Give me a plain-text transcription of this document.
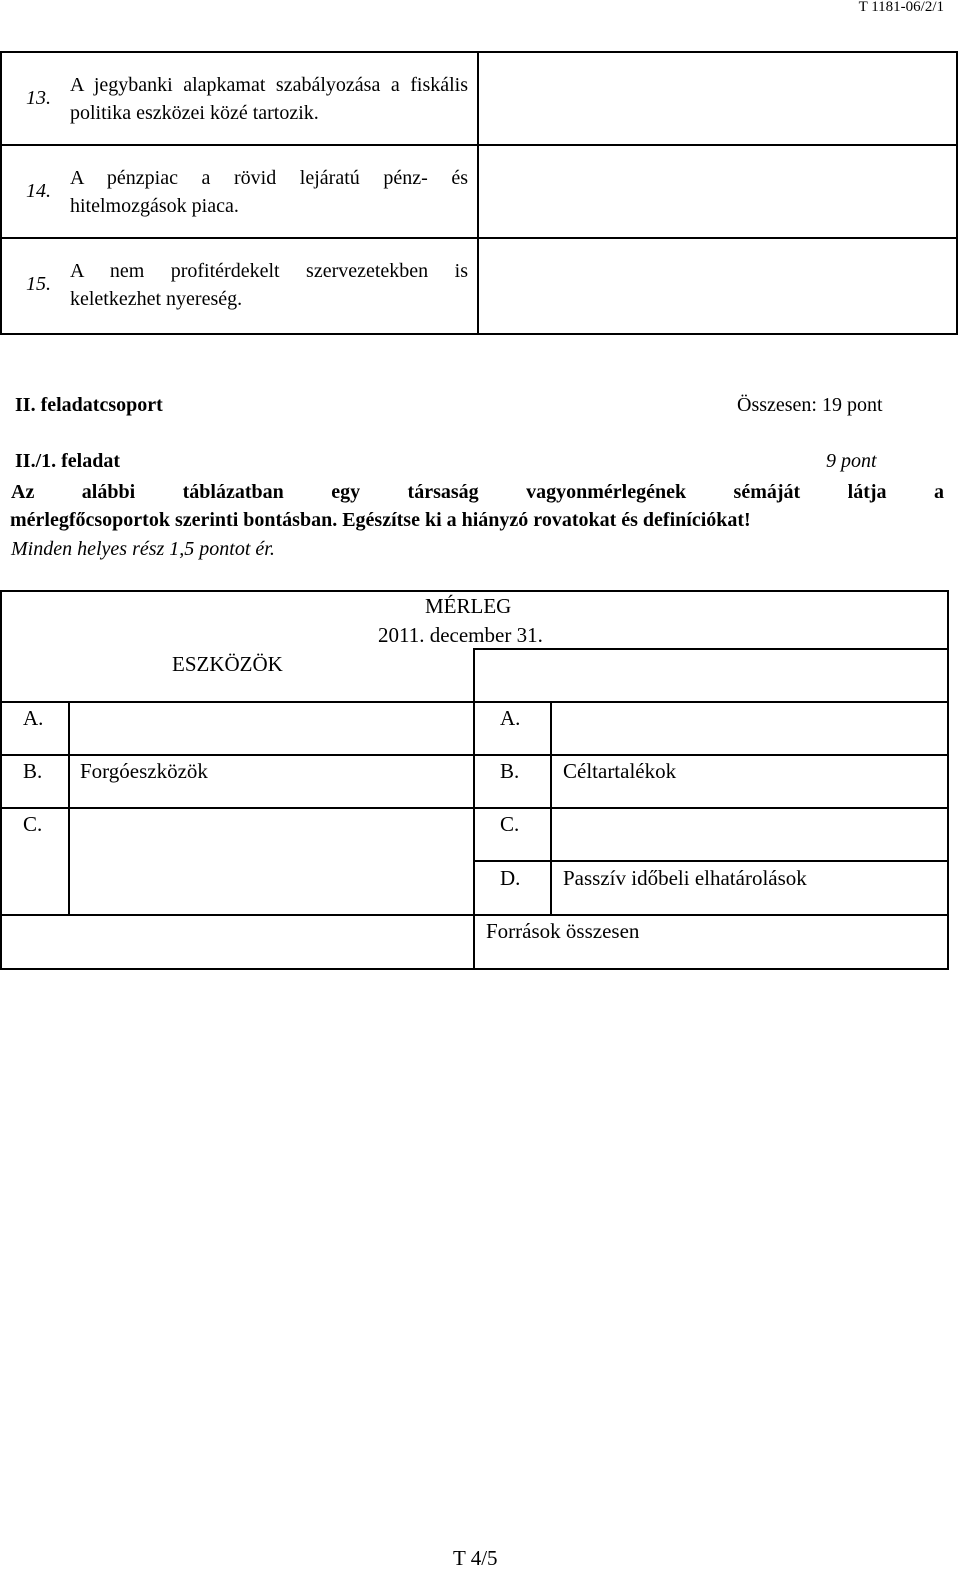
T 1181-06/2/1
13.
A jegybanki alapkamat szabályozása a fiskális politika eszközei közé tartozik.
14.
A pénzpiac a rövid lejáratú pénz- és hitelmozgások piaca.
15.
A nem profitérdekelt szervezetekben is keletkezhet nyereség.
II. feladatcsoport	Összesen: 19 pont
II./1. feladat	9 pont
Az alábbi táblázatban egy társaság vagyonmérlegének sémáját látja a
mérlegfőcsoportok szerinti bontásban. Egészítse ki a hiányzó rovatokat és definíciókat!
Minden helyes rész 1,5 pontot ér.
MÉRLEG
2011. december 31.
ESZKÖZÖK
A.
B. Forgóeszközök
C.
A.
B. Céltartalékok
C.
D. Passzív időbeli elhatárolások
Források összesen
T 4/5
